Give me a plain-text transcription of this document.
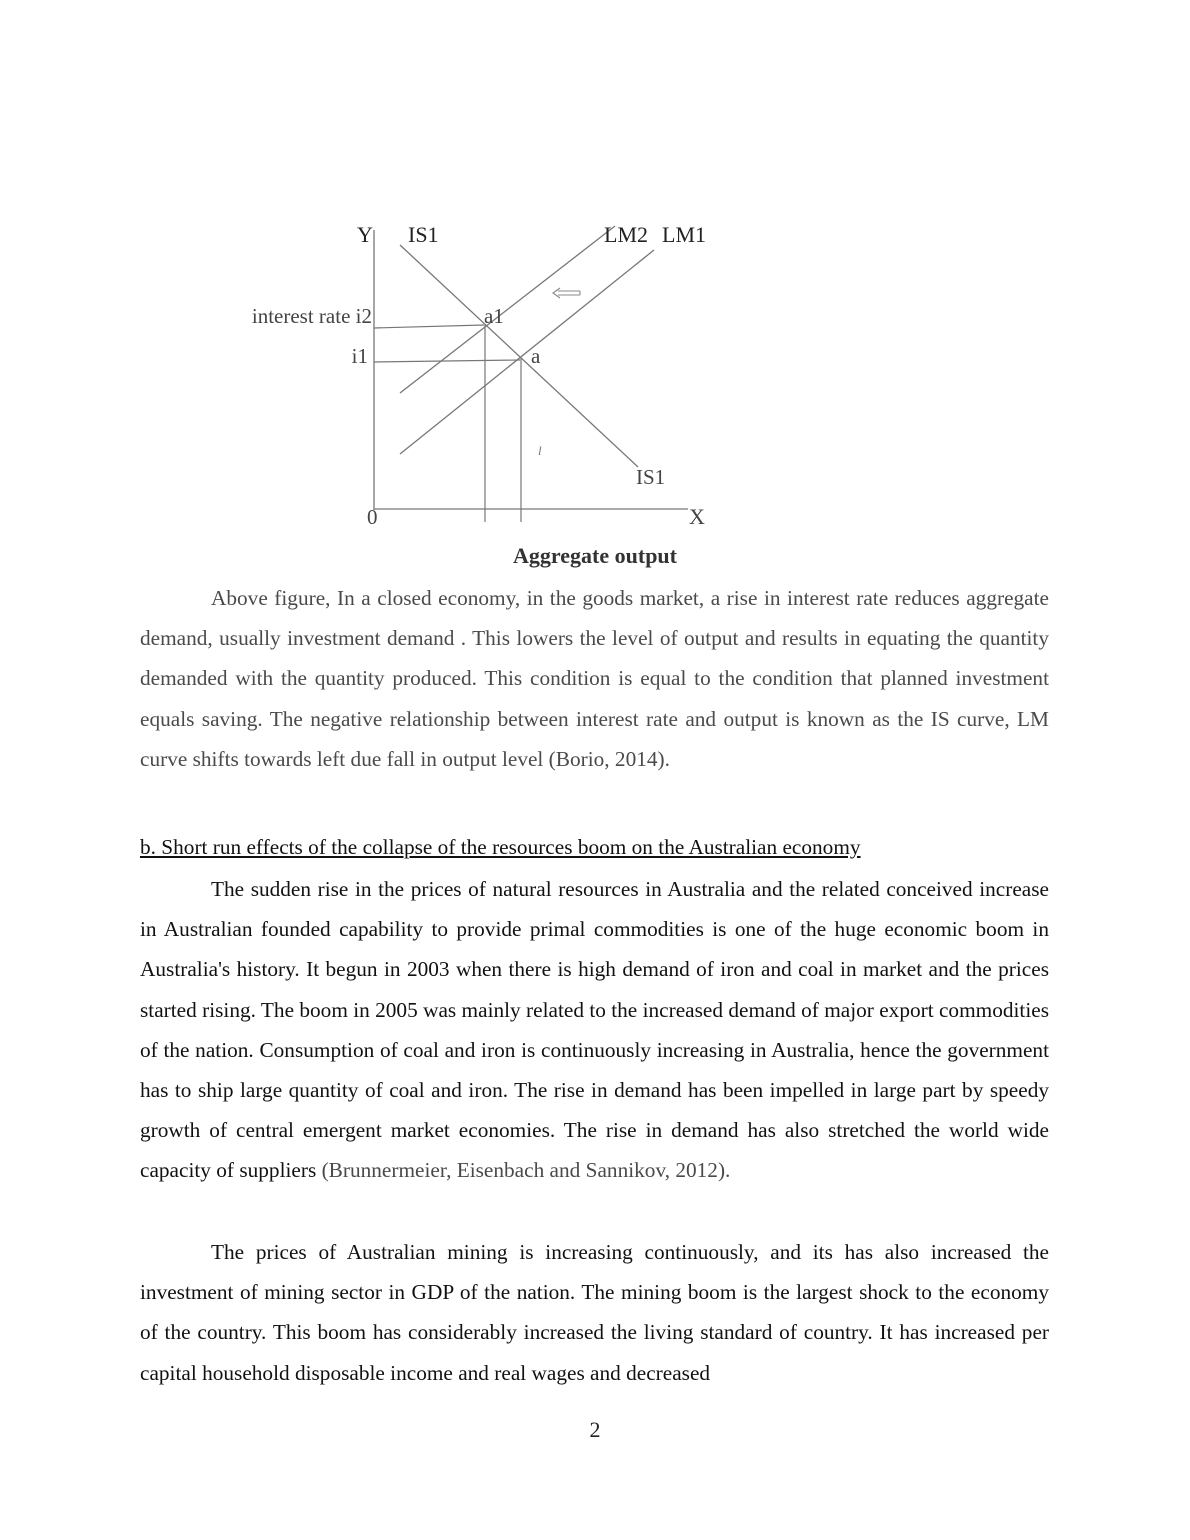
Y IS1	LM2 LM1
interest rate i2	a1
i1	a
l
IS1
0	X
Aggregate output

Above figure, In a closed economy, in the goods market, a rise in interest rate reduces aggregate demand, usually investment demand . This lowers the level of output and results in equating the quantity demanded with the quantity produced. This condition is equal to the condition that planned investment equals saving. The negative relationship between interest rate and output is known as the IS curve, LM curve shifts towards left due fall in output level (Borio, 2014).

b. Short run effects of the collapse of the resources boom on the Australian economy

The sudden rise in the prices of natural resources in Australia and the related conceived increase in Australian founded capability to provide primal commodities is one of the huge economic boom in Australia's history. It begun in 2003 when there is high demand of iron and coal in market and the prices started rising. The boom in 2005 was mainly related to the increased demand of major export commodities of the nation. Consumption of coal and iron is continuously increasing in Australia, hence the government has to ship large quantity of coal and iron. The rise in demand has been impelled in large part by speedy growth of central emergent market economies. The rise in demand has also stretched the world wide capacity of suppliers (Brunnermeier, Eisenbach and Sannikov, 2012).

The prices of Australian mining is increasing continuously, and its has also increased the investment of mining sector in GDP of the nation. The mining boom is the largest shock to the economy of the country. This boom has considerably increased the living standard of country. It has increased per capital household disposable income and real wages and decreased

2
